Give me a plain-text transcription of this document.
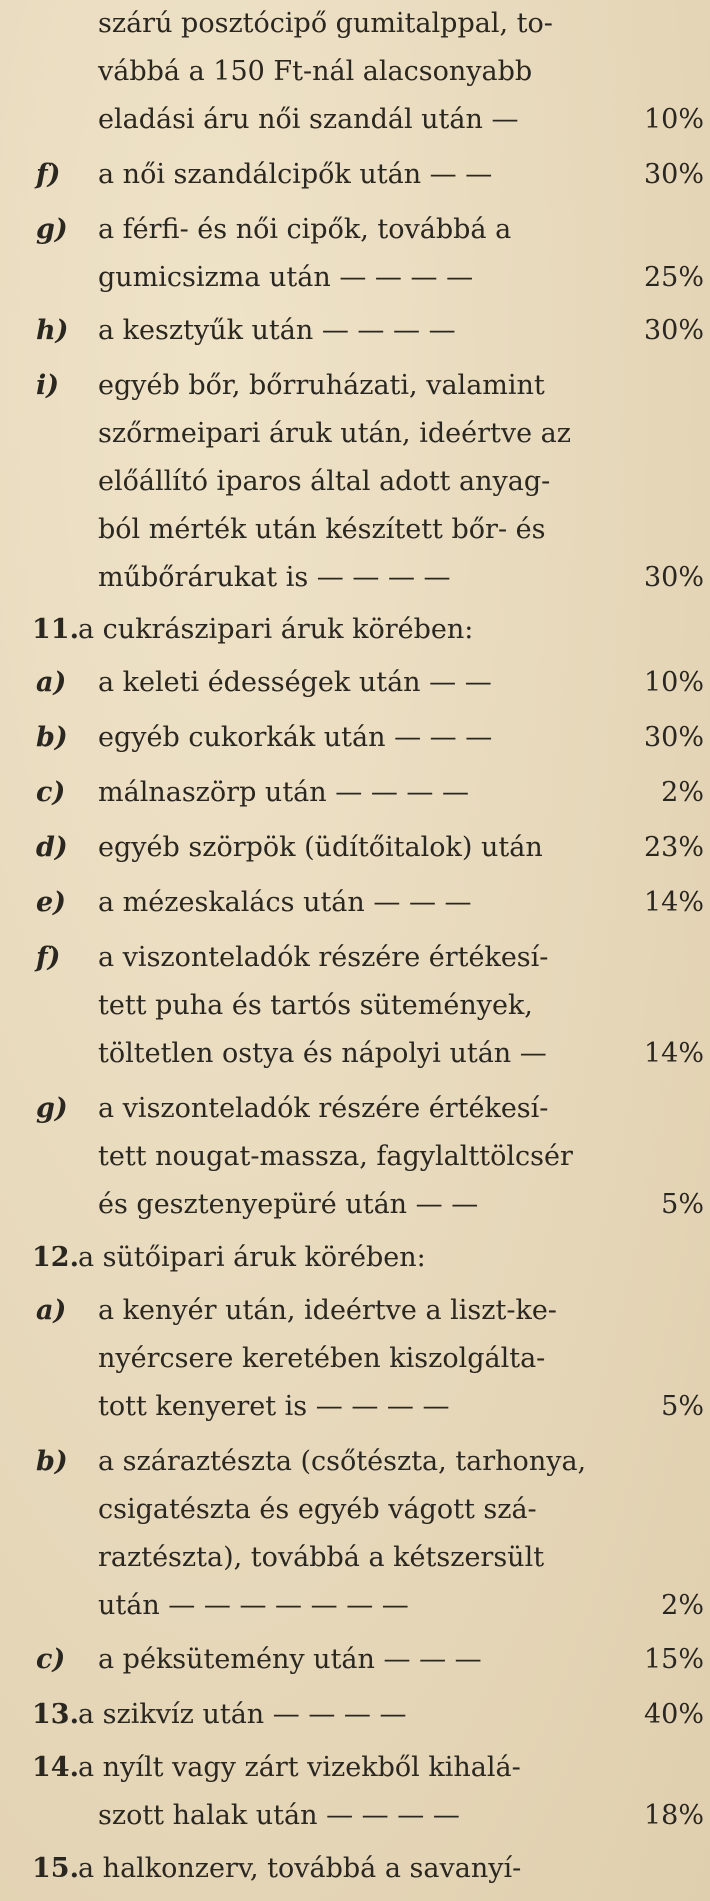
szárú posztócipő gumitalppal, to-
vábbá a 150 Ft-nál alacsonyabb
eladási áru női szandál után —	10%
f) a női szandálcipők után — —	30%
g) a férfi- és női cipők, továbbá a
gumicsizma után — — — —	25%
h) a kesztyűk után — — — —	30%
i) egyéb bőr, bőrruházati, valamint
szőrmeipari áruk után, ideértve az
előállító iparos által adott anyag-
ból mérték után készített bőr- és
műbőrárukat is — — — —	30%
11. a cukrászipari áruk körében:
a) a keleti édességek után — —	10%
b) egyéb cukorkák után — — —	30%
c) málnaszörp után — — — —	2%
d) egyéb szörpök (üdítőitalok) után	23%
e) a mézeskalács után — — —	14%
f) a viszonteladók részére értékesí-
tett puha és tartós sütemények,
töltetlen ostya és nápolyi után —	14%
g) a viszonteladók részére értékesí-
tett nougat-massza, fagylalttölcsér
és gesztenyepüré után — —	5%
12. a sütőipari áruk körében:
a) a kenyér után, ideértve a liszt-ke-
nyércsere keretében kiszolgálta-
tott kenyeret is — — — —	5%
b) a száraztészta (csőtészta, tarhonya,
csigatészta és egyéb vágott szá-
raztészta), továbbá a kétszersült
után — — — — — — —	2%
c) a péksütemény után — — —	15%
13. a szikvíz után — — — —	40%
14. a nyílt vagy zárt vizekből kihalá-
szott halak után — — — —	18%
15. a halkonzerv, továbbá a savanyí-
